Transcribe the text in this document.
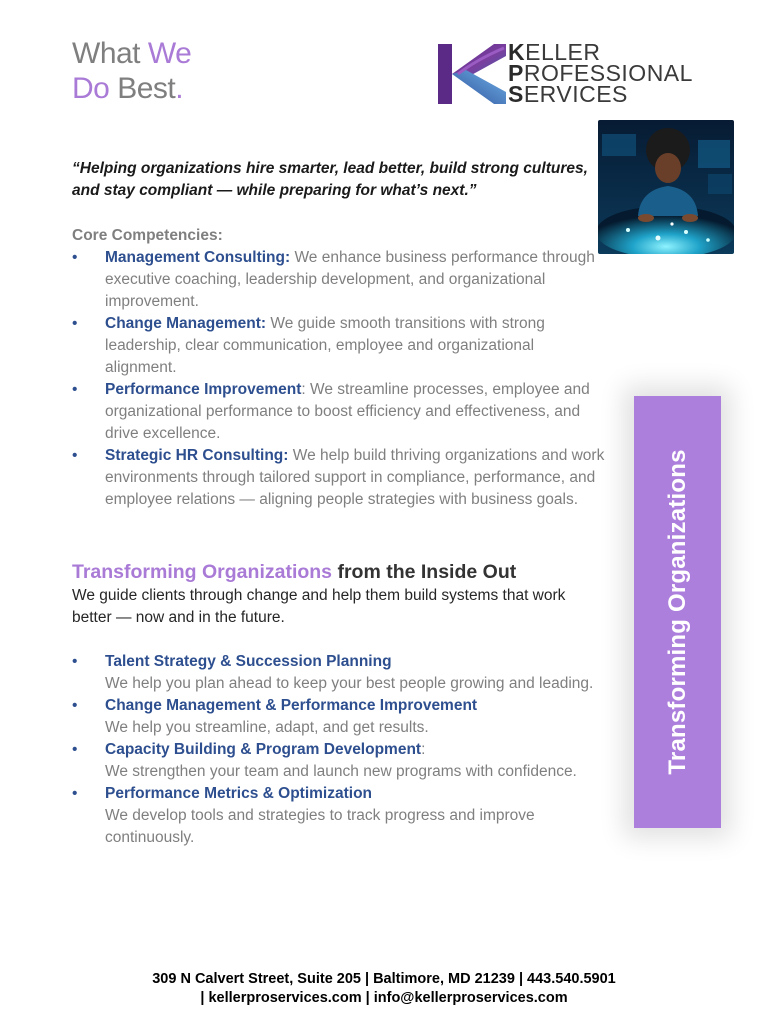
What We
Do Best.
KELLER
PROFESSIONAL
SERVICES
“Helping organizations hire smarter, lead better, build strong cultures, and stay compliant — while preparing for what’s next.”
Core Competencies:
• Management Consulting: We enhance business performance through executive coaching, leadership development, and organizational improvement.
• Change Management: We guide smooth transitions with strong leadership, clear communication, employee and organizational alignment.
• Performance Improvement: We streamline processes, employee and organizational performance to boost efficiency and effectiveness, and drive excellence.
• Strategic HR Consulting: We help build thriving organizations and work environments through tailored support in compliance, performance, and employee relations — aligning people strategies with business goals.
Transforming Organizations from the Inside Out
We guide clients through change and help them build systems that work better — now and in the future.
• Talent Strategy & Succession Planning
We help you plan ahead to keep your best people growing and leading.
• Change Management & Performance Improvement
We help you streamline, adapt, and get results.
• Capacity Building & Program Development:
We strengthen your team and launch new programs with confidence.
• Performance Metrics & Optimization
We develop tools and strategies to track progress and improve continuously.
Transforming Organizations
309 N Calvert Street, Suite 205 | Baltimore, MD 21239 | 443.540.5901
| kellerproservices.com | info@kellerproservices.com
